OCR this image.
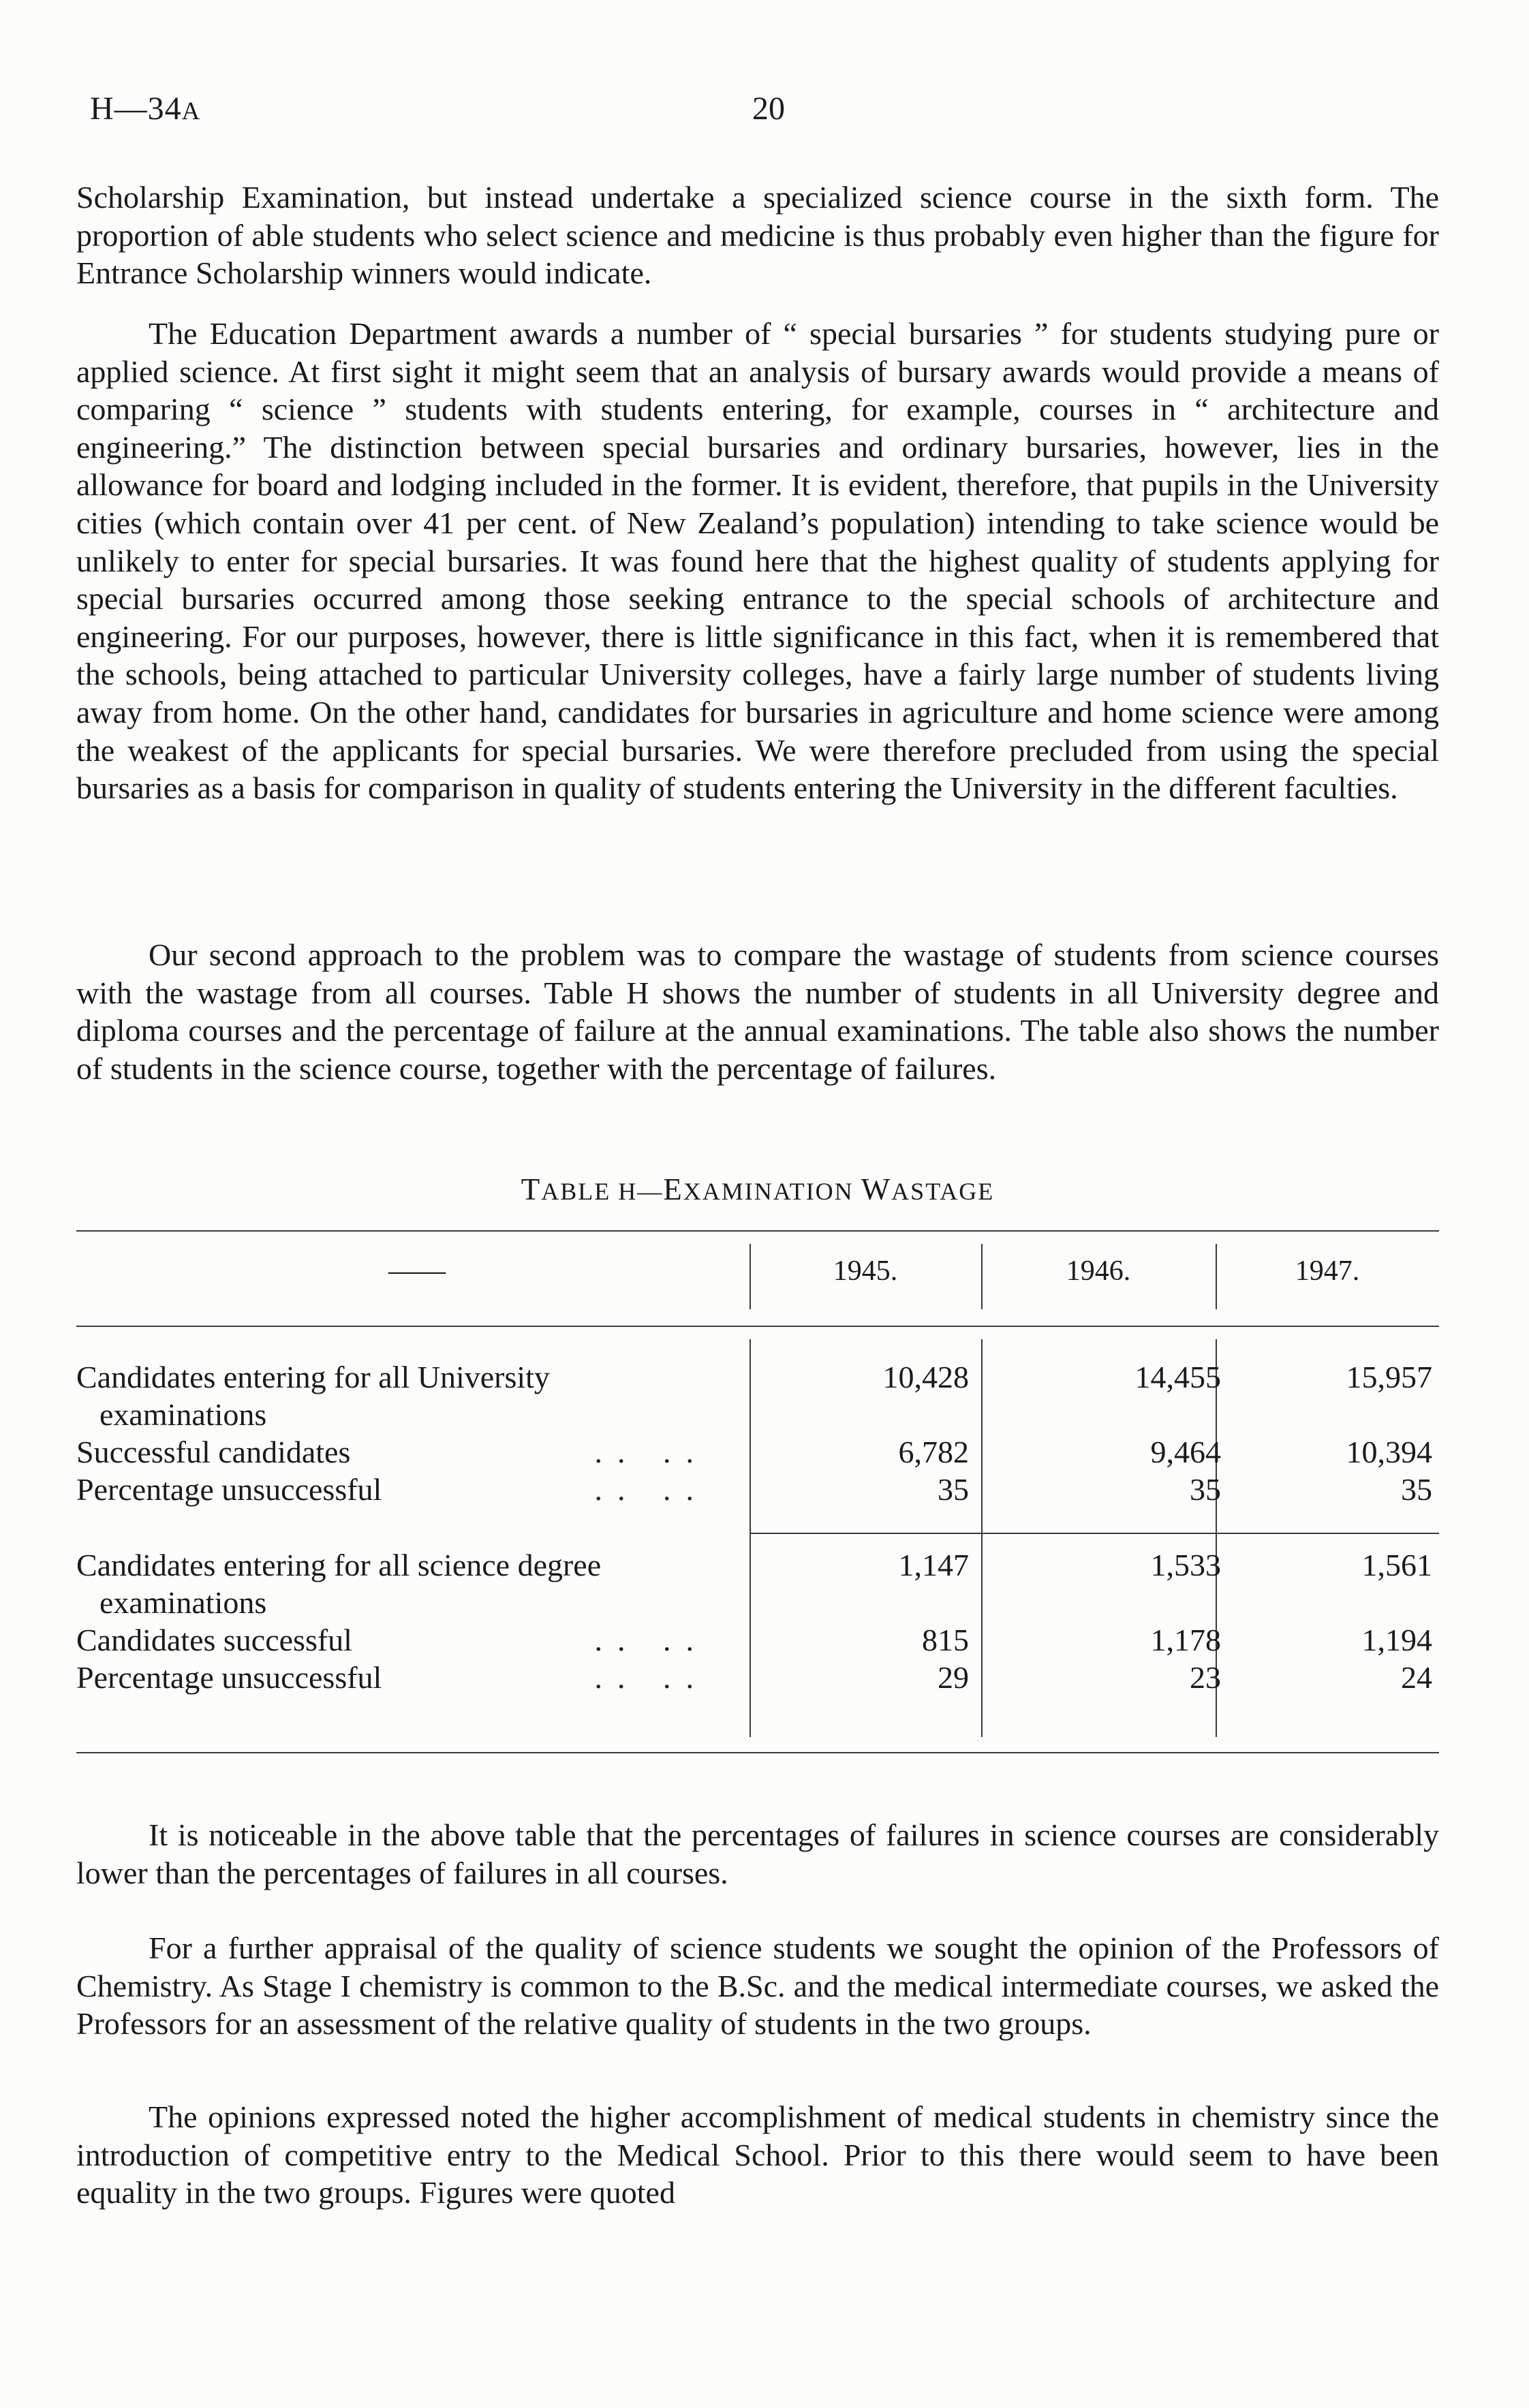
H—34A	20

Scholarship Examination, but instead undertake a specialized science course in the sixth form. The proportion of able students who select science and medicine is thus probably even higher than the figure for Entrance Scholarship winners would indicate.

The Education Department awards a number of “ special bursaries ” for students studying pure or applied science. At first sight it might seem that an analysis of bursary awards would provide a means of comparing “ science ” students with students entering, for example, courses in “ architecture and engineering.” The distinction between special bursaries and ordinary bursaries, however, lies in the allowance for board and lodging included in the former. It is evident, therefore, that pupils in the University cities (which contain over 41 per cent. of New Zealand’s population) intending to take science would be unlikely to enter for special bursaries. It was found here that the highest quality of students applying for special bursaries occurred among those seeking entrance to the special schools of architecture and engineering. For our purposes, however, there is little significance in this fact, when it is remembered that the schools, being attached to particular University colleges, have a fairly large number of students living away from home. On the other hand, candidates for bursaries in agriculture and home science were among the weakest of the applicants for special bursaries. We were therefore precluded from using the special bursaries as a basis for comparison in quality of students entering the University in the different faculties.

Our second approach to the problem was to compare the wastage of students from science courses with the wastage from all courses. Table H shows the number of students in all University degree and diploma courses and the percentage of failure at the annual examinations. The table also shows the number of students in the science course, together with the percentage of failures.

TABLE H—EXAMINATION WASTAGE
——	1945.	1946.	1947.
Candidates entering for all University
examinations
10,428	14,455	15,957
Successful candidates	.. ..	6,782	9,464	10,394
Percentage unsuccessful	.. ..	35	35	35
Candidates entering for all science degree
examinations
1,147	1,533	1,561
Candidates successful	.. ..	815	1,178	1,194
Percentage unsuccessful	.. ..	29	23	24

It is noticeable in the above table that the percentages of failures in science courses are considerably lower than the percentages of failures in all courses.

For a further appraisal of the quality of science students we sought the opinion of the Professors of Chemistry. As Stage I chemistry is common to the B.Sc. and the medical intermediate courses, we asked the Professors for an assessment of the relative quality of students in the two groups.

The opinions expressed noted the higher accomplishment of medical students in chemistry since the introduction of competitive entry to the Medical School. Prior to this there would seem to have been equality in the two groups. Figures were quoted
